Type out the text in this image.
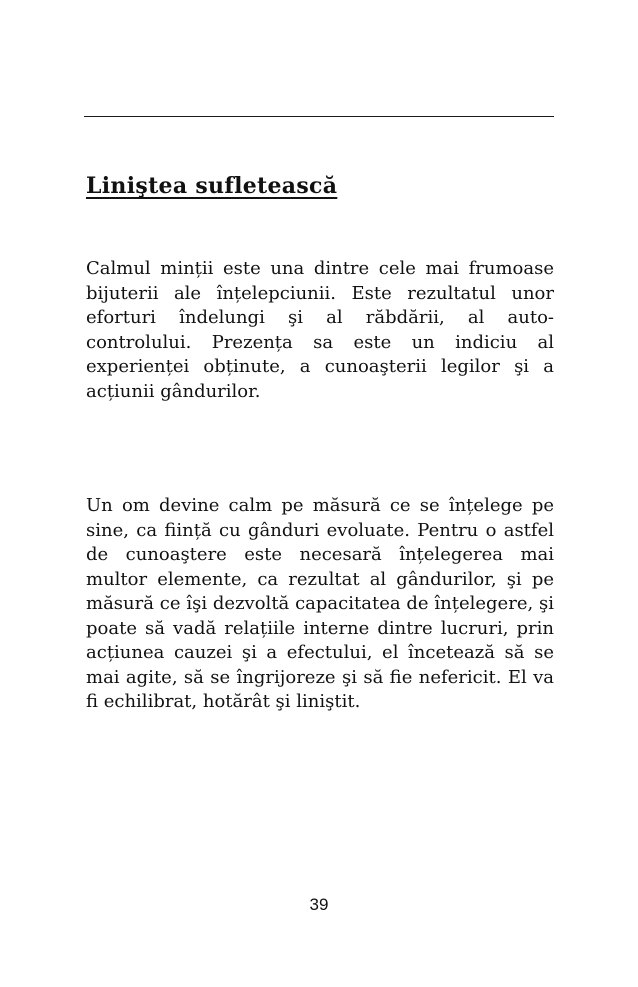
Liniştea sufletească

Calmul minții este una dintre cele mai frumoase bijuterii ale înțelepciunii. Este rezultatul unor eforturi îndelungi şi al răbdării, al auto-controlului. Prezența sa este un indiciu al experienței obținute, a cunoaşterii legilor şi a acțiunii gândurilor.

Un om devine calm pe măsură ce se înțelege pe sine, ca ființă cu gânduri evoluate. Pentru o astfel de cunoaştere este necesară înțelegerea mai multor elemente, ca rezultat al gândurilor, şi pe măsură ce îşi dezvoltă capacitatea de înțelegere, şi poate să vadă relațiile interne dintre lucruri, prin acțiunea cauzei şi a efectului, el încetează să se mai agite, să se îngrijoreze şi să fie nefericit. El va fi echilibrat, hotărât şi liniştit.

39
